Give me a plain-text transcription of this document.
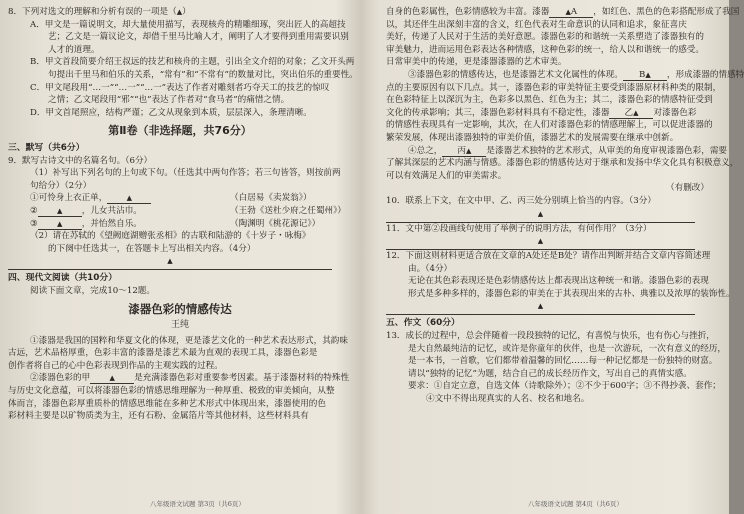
8．下列对选文的理解和分析有误的一项是（▲）

A．甲文是一篇说明文，却大量使用描写，表现核舟的精雕细琢，突出匠人的高超技

艺；乙文是一篇议论文，却借千里马比喻人才，阐明了人才要得到重用需要识别

人才的道理。

B．甲文首段简要介绍王叔远的技艺和核舟的主题，引出全文介绍的对象；乙文开头两

句提出千里马和伯乐的关系，“常有”和“不常有”的数量对比，突出伯乐的重要性。

C．甲文尾段用“…一”“…一”“…一”表达了作者对雕刻者巧夺天工的技艺的惊叹

之情；乙文尾段用“邪”“也”表达了作者对“食马者”的痛惜之情。

D．甲文首尾照应，结构严谨；乙文从现象到本质，层层深入，条理清晰。

第Ⅱ卷（非选择题，共76分）

三、默写（共6分）

9．默写古诗文中的名篇名句。（6分）

（1）补写出下列名句的上句或下句。（任选其中两句作答；若三句皆答，则按前两

句给分）（2分）

①可怜身上衣正单，	▲	（白居易《卖炭翁》）
②	▲ ，儿女共沾巾。	（王勃《送杜少府之任蜀州》）
③	▲ ，并怡然自乐。	（陶渊明《桃花源记》）

（2）请在苏轼的《望阙庭湖赠张丞相》的古联和陆游的《十岁子・咏梅》

的下阕中任选其一，在答题卡上写出相关内容。（4分）

▲

四、现代文阅读（共10分）

阅读下面文章，完成10～12题。

漆器色彩的情感传达
王纯

①漆器是我国的国粹和华夏文化的体现，更是漆艺文化的一种艺术表达形式，其韵味

古远，艺术品格厚重，色彩丰富的漆器是漆艺术最为直观的表现工具，漆器色彩是

创作者将自己的心中色彩表现到作品的主观实践的过程。

②漆器色彩的甲	▲ 是充满漆器色彩对重要参考因素。基于漆器材料的特殊性

与历史文化意蕴，可以将漆器色彩的情感思维理解为一种厚重、极致的审美倾向，从整

体而言，漆器色彩厚重质朴的情感思维能在多种艺术形式中体现出来，漆器使用的色

彩材料主要是以矿物质类为主，还有石粉、金属箔片等其他材料，这些材料具有

八年级语文试题 第3页（共6页）

自身的色彩属性，色彩情感较为丰富。漆器 ▲A ，如红色、黑色的色彩搭配形成了我国

以，其还伴生出深刻丰富的含义，红色代表对生命意识的认同和追求，象征喜庆

美好，传递了人民对于生活的美好意愿。漆器色彩的和谐统一关系塑造了漆器独有的

审美魅力，进而运用色彩表达各种情感，这种色彩的统一，给人以和谐统一的感受。

日常审美中的传递，更是漆器漆器的艺术审美。

③漆器色彩的情感传达，也是漆器艺术文化属性的体现。 B▲ ，形成漆器的情感特

点的主要原因有以下几点。其一，漆器色彩的审美特征主要受到漆器原材料种类的限制，

在色彩特征上以深沉为主，色彩多以黑色、红色为主；其二，漆器色彩的情感特征受到

文化的传承影响；其三，漆器色彩材料具有不稳定性，漆器 乙▲ 对漆器色彩

的情感性表现具有一定影响，其次，在人们对漆器色彩的情感理解上，可以促进漆器的

繁荣发展，体现出漆器独特的审美价值，漆器艺术的发展需要在继承中创新。

④总之， 丙▲ 是漆器艺术独特的艺术形式，从审美的角度审视漆器色彩，需要

了解其深层的艺术内涵与情感。漆器色彩的情感传达对于继承和发扬中华文化具有积极意义，

可以有效满足人们的审美需求。

（有删改）

10．联系上下文，在文中甲、乙、丙三处分别填上恰当的内容。（3分）

▲

11．文中第②段画线句使用了举例子的说明方法，有何作用？（3分）

▲

12．下面这则材料更适合放在文章的A处还是B处？请作出判断并结合文章内容简述理

由。（4分）

无论在其色彩表现还是色彩情感传达上都表现出这种统一和谐。漆器色彩的表现

形式是多种多样的，漆器色彩的审美在于其表现出来的古朴、典雅以及浓厚的装饰性。

▲

五、作文（60分）

13．成长的过程中，总会伴随着一段段独特的记忆，有喜悦与快乐，也有伤心与挫折，

是大自然最纯洁的记忆，或许是你童年的伙伴，也是一次游玩，一次有意义的经历，

是一本书，一首歌，它们都带着温馨的回忆……每一种记忆都是一份独特的财富。

请以“独特的记忆”为题，结合自己的成长经历作文，写出自己的真情实感。

要求：①自定立意，自选文体（诗歌除外）；②不少于600字；③不得抄袭、套作；

④文中不得出现真实的人名、校名和地名。

八年级语文试题 第4页（共6页）
